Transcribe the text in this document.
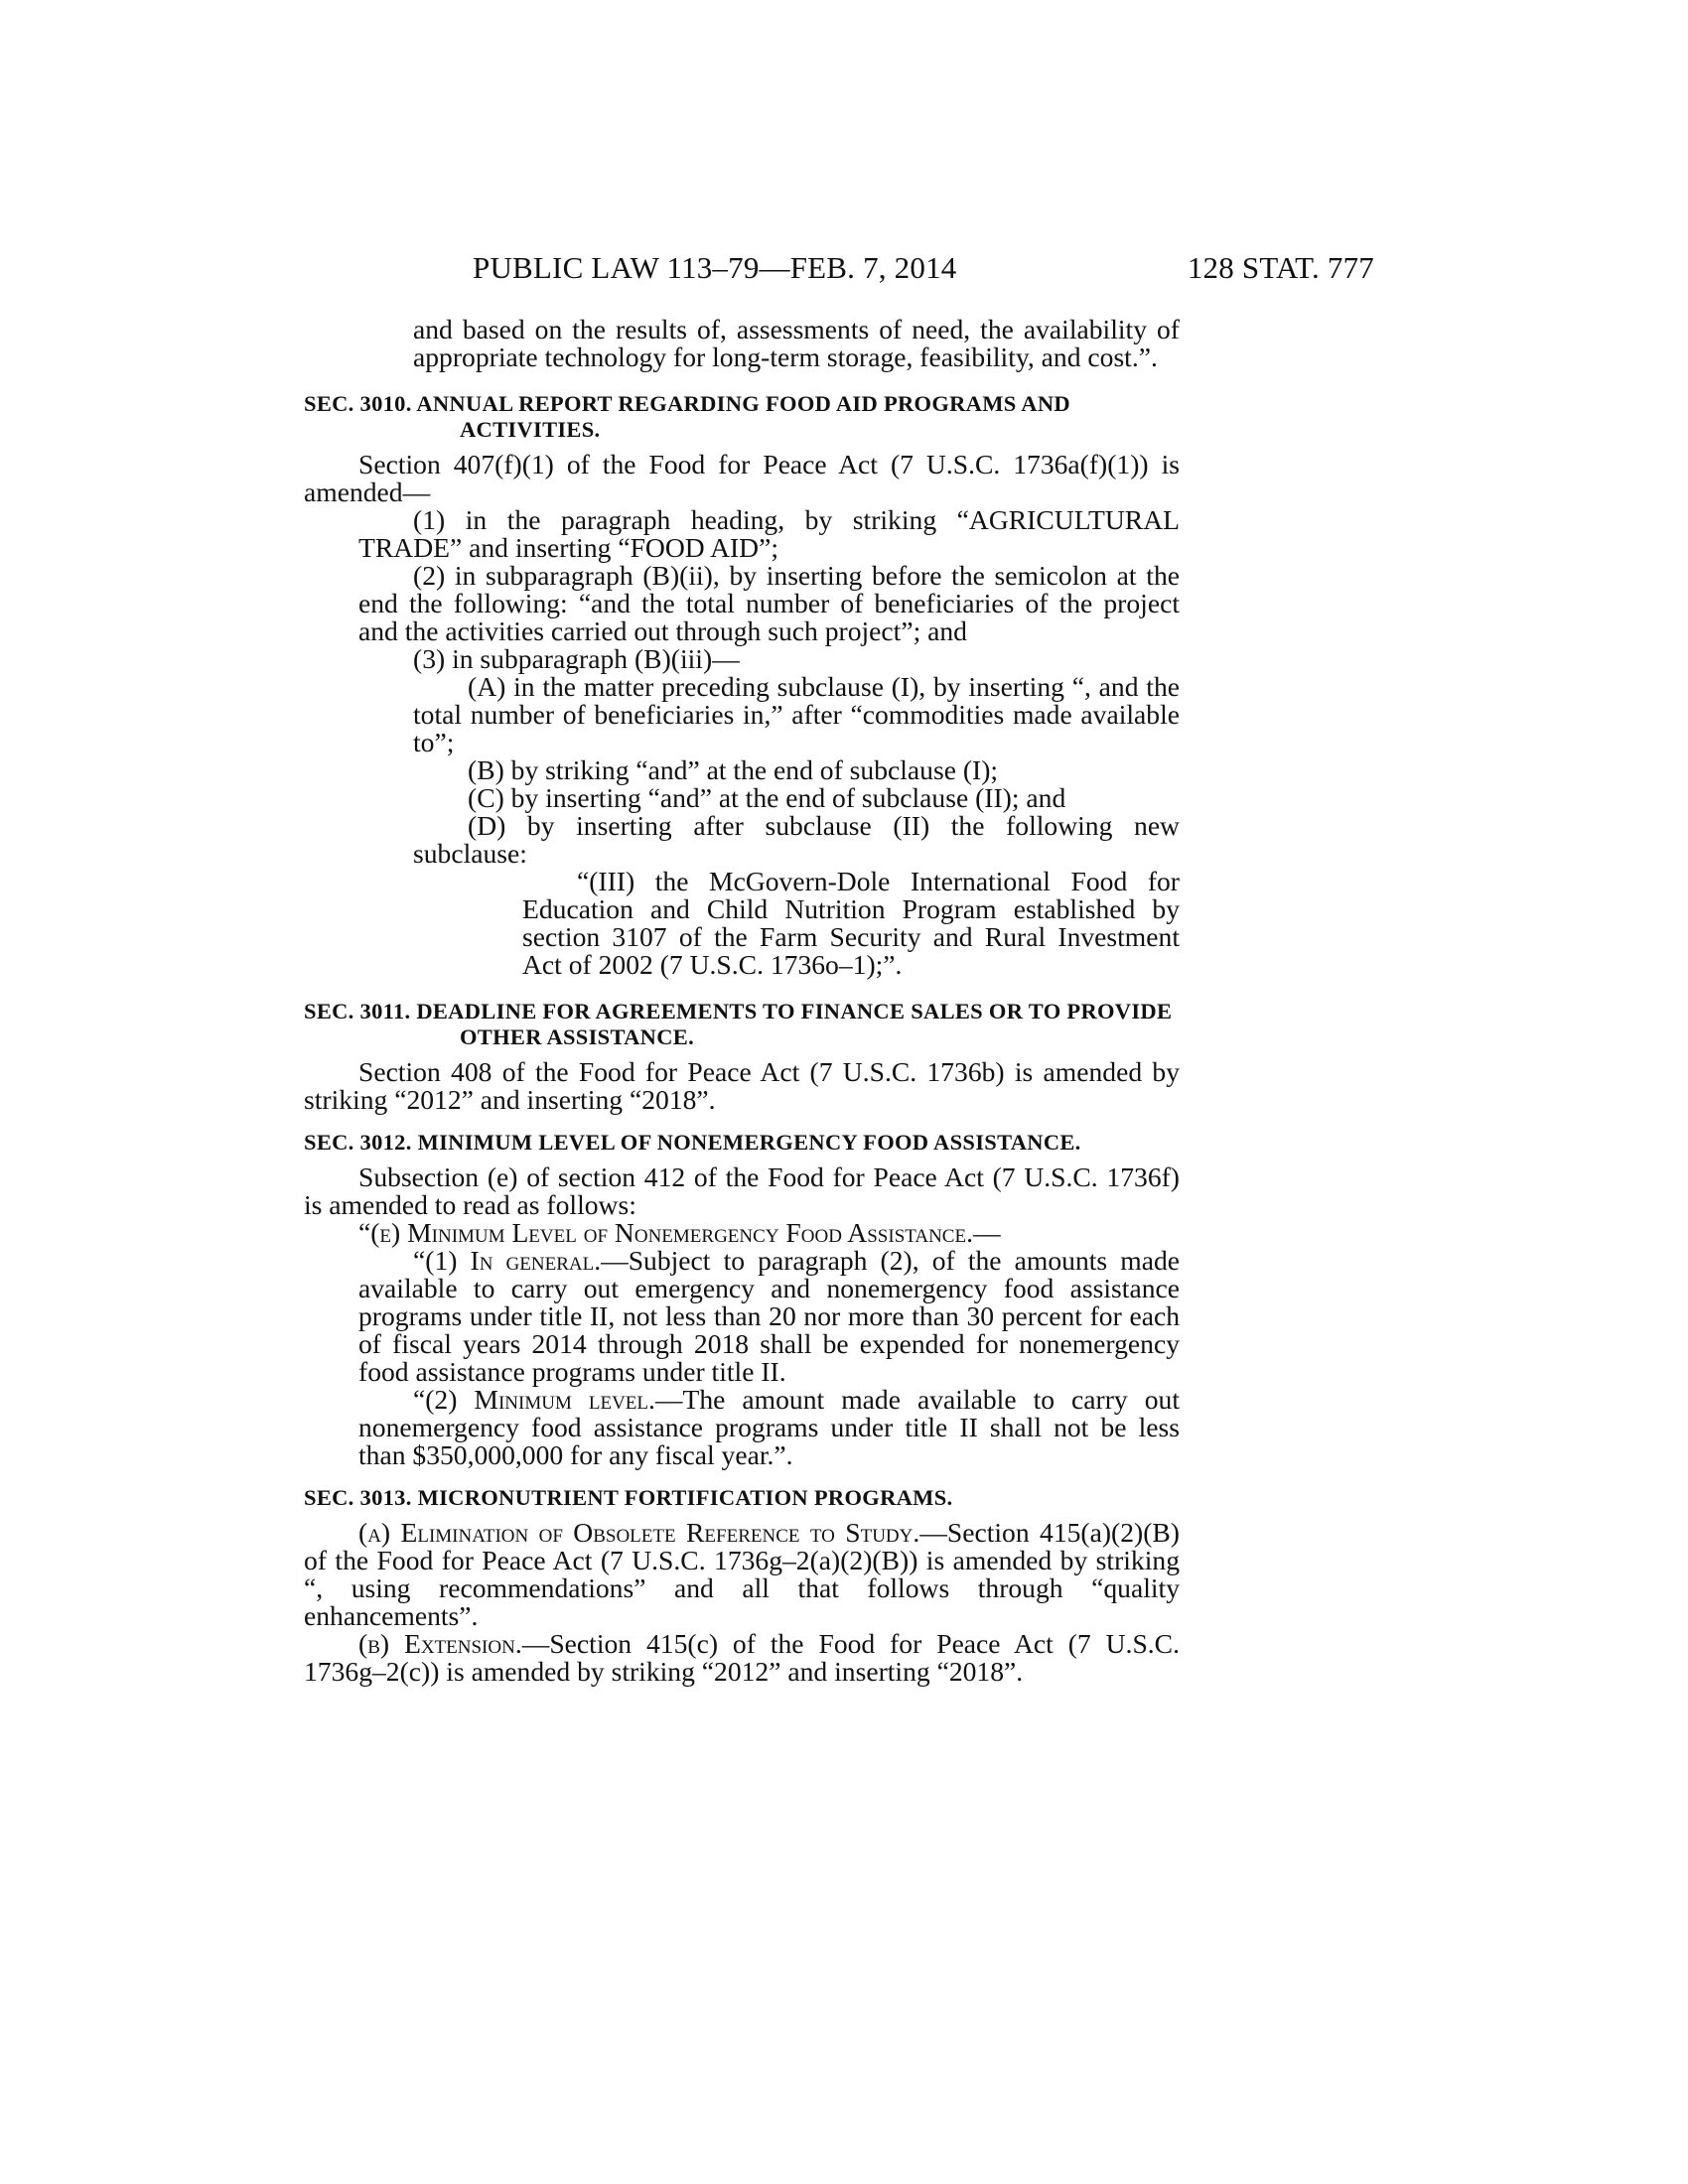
PUBLIC LAW 113–79—FEB. 7, 2014	128 STAT. 777

and based on the results of, assessments of need, the availability of appropriate technology for long-term storage, feasibility, and cost.”.

SEC. 3010. ANNUAL REPORT REGARDING FOOD AID PROGRAMS AND ACTIVITIES.

Section 407(f)(1) of the Food for Peace Act (7 U.S.C. 1736a(f)(1)) is amended—

(1) in the paragraph heading, by striking “AGRICULTURAL TRADE” and inserting “FOOD AID”;

(2) in subparagraph (B)(ii), by inserting before the semicolon at the end the following: “and the total number of beneficiaries of the project and the activities carried out through such project”; and

(3) in subparagraph (B)(iii)—

(A) in the matter preceding subclause (I), by inserting “, and the total number of beneficiaries in,” after “commodities made available to”;

(B) by striking “and” at the end of subclause (I);

(C) by inserting “and” at the end of subclause (II); and

(D) by inserting after subclause (II) the following new subclause:

“(III) the McGovern-Dole International Food for Education and Child Nutrition Program established by section 3107 of the Farm Security and Rural Investment Act of 2002 (7 U.S.C. 1736o–1);”.

SEC. 3011. DEADLINE FOR AGREEMENTS TO FINANCE SALES OR TO PROVIDE OTHER ASSISTANCE.

Section 408 of the Food for Peace Act (7 U.S.C. 1736b) is amended by striking “2012” and inserting “2018”.

SEC. 3012. MINIMUM LEVEL OF NONEMERGENCY FOOD ASSISTANCE.

Subsection (e) of section 412 of the Food for Peace Act (7 U.S.C. 1736f) is amended to read as follows:

“(e) Minimum Level of Nonemergency Food Assistance.—

“(1) In general.—Subject to paragraph (2), of the amounts made available to carry out emergency and nonemergency food assistance programs under title II, not less than 20 nor more than 30 percent for each of fiscal years 2014 through 2018 shall be expended for nonemergency food assistance programs under title II.

“(2) Minimum level.—The amount made available to carry out nonemergency food assistance programs under title II shall not be less than $350,000,000 for any fiscal year.”.

SEC. 3013. MICRONUTRIENT FORTIFICATION PROGRAMS.

(a) Elimination of Obsolete Reference to Study.—Section 415(a)(2)(B) of the Food for Peace Act (7 U.S.C. 1736g–2(a)(2)(B)) is amended by striking “, using recommendations” and all that follows through “quality enhancements”.

(b) Extension.—Section 415(c) of the Food for Peace Act (7 U.S.C. 1736g–2(c)) is amended by striking “2012” and inserting “2018”.
